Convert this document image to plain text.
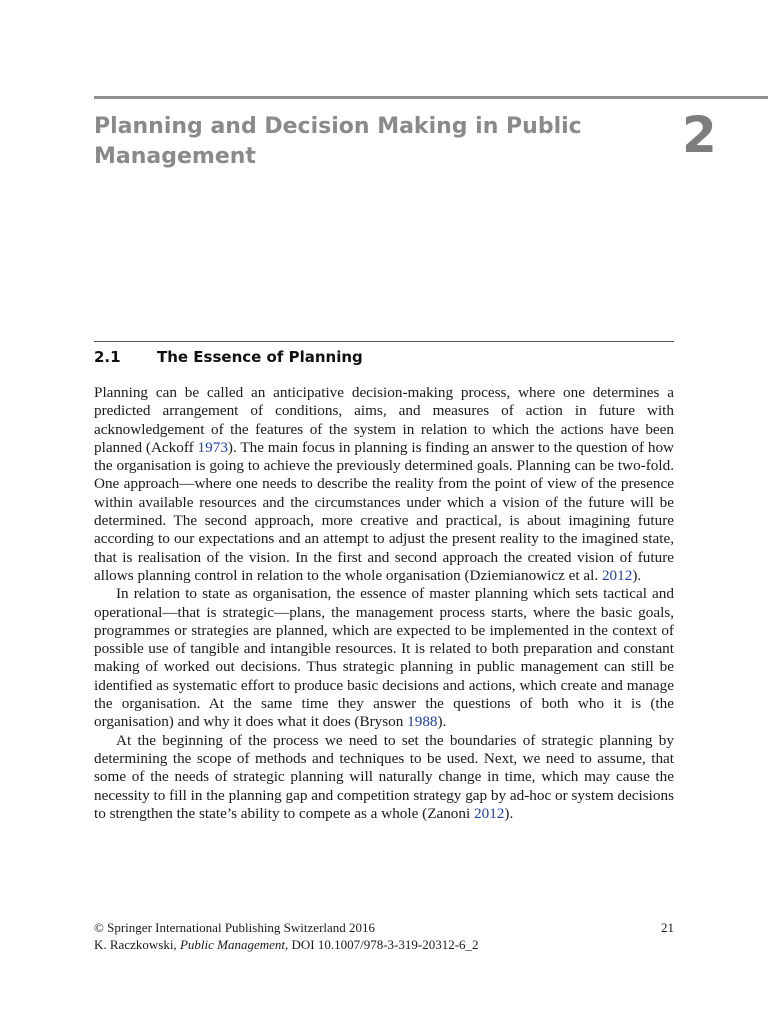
Planning and Decision Making in Public Management	2
2.1 The Essence of Planning

Planning can be called an anticipative decision-making process, where one determines a predicted arrangement of conditions, aims, and measures of action in future with acknowledgement of the features of the system in relation to which the actions have been planned (Ackoff 1973). The main focus in planning is finding an answer to the question of how the organisation is going to achieve the previously determined goals. Planning can be two-fold. One approach—where one needs to describe the reality from the point of view of the presence within available resources and the circumstances under which a vision of the future will be determined. The second approach, more creative and practical, is about imagining future according to our expectations and an attempt to adjust the present reality to the imagined state, that is realisation of the vision. In the first and second approach the created vision of future allows planning control in relation to the whole organisation (Dziemianowicz et al. 2012).

In relation to state as organisation, the essence of master planning which sets tactical and operational—that is strategic—plans, the management process starts, where the basic goals, programmes or strategies are planned, which are expected to be implemented in the context of possible use of tangible and intangible resources. It is related to both preparation and constant making of worked out decisions. Thus strategic planning in public management can still be identified as systematic effort to produce basic decisions and actions, which create and manage the organisation. At the same time they answer the questions of both who it is (the organisation) and why it does what it does (Bryson 1988).

At the beginning of the process we need to set the boundaries of strategic planning by determining the scope of methods and techniques to be used. Next, we need to assume, that some of the needs of strategic planning will naturally change in time, which may cause the necessity to fill in the planning gap and competition strategy gap by ad-hoc or system decisions to strengthen the state’s ability to compete as a whole (Zanoni 2012).

© Springer International Publishing Switzerland 2016	21
K. Raczkowski, Public Management, DOI 10.1007/978-3-319-20312-6_2
